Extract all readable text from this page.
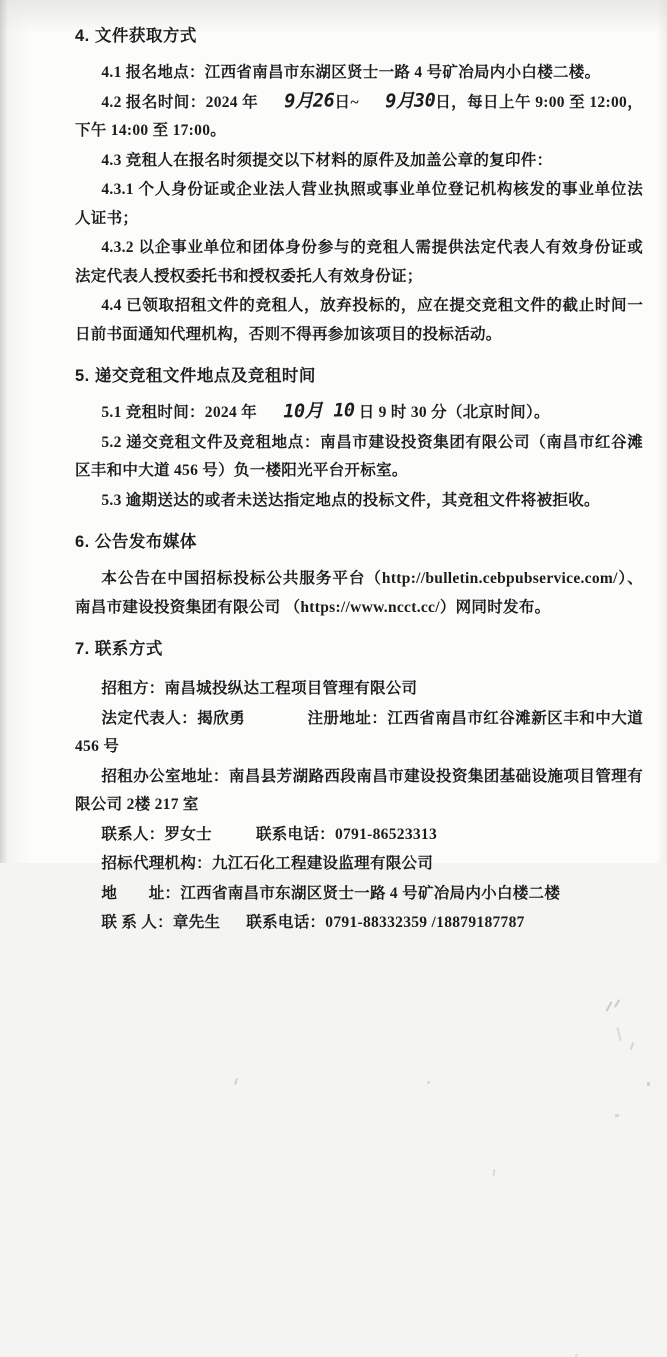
4. 文件获取方式

4.1 报名地点：江西省南昌市东湖区贤士一路 4 号矿冶局内小白楼二楼。

4.2 报名时间：2024 年 9月26日~ 9月30日，每日上午 9:00 至 12:00，下午 14:00 至 17:00。

4.3 竞租人在报名时须提交以下材料的原件及加盖公章的复印件：

4.3.1 个人身份证或企业法人营业执照或事业单位登记机构核发的事业单位法人证书；

4.3.2 以企事业单位和团体身份参与的竞租人需提供法定代表人有效身份证或法定代表人授权委托书和授权委托人有效身份证；

4.4 已领取招租文件的竞租人，放弃投标的，应在提交竞租文件的截止时间一日前书面通知代理机构，否则不得再参加该项目的投标活动。

5. 递交竞租文件地点及竞租时间

5.1 竞租时间：2024 年 10月 10 日 9 时 30 分（北京时间）。

5.2 递交竞租文件及竞租地点：南昌市建设投资集团有限公司（南昌市红谷滩区丰和中大道 456 号）负一楼阳光平台开标室。

5.3 逾期送达的或者未送达指定地点的投标文件，其竞租文件将被拒收。

6. 公告发布媒体

本公告在中国招标投标公共服务平台（http://bulletin.cebpubservice.com/）、 南昌市建设投资集团有限公司 （https://www.ncct.cc/）网同时发布。

7. 联系方式

招租方：南昌城投纵达工程项目管理有限公司

法定代表人：揭欣勇	注册地址：江西省南昌市红谷滩新区丰和中大道 456 号

招租办公室地址：南昌县芳湖路西段南昌市建设投资集团基础设施项目管理有限公司 2楼 217 室

联系人：罗女士	联系电话：0791-86523313

招标代理机构：九江石化工程建设监理有限公司

地　　址：江西省南昌市东湖区贤士一路 4 号矿冶局内小白楼二楼

联 系 人：章先生 联系电话：0791-88332359 /18879187787
